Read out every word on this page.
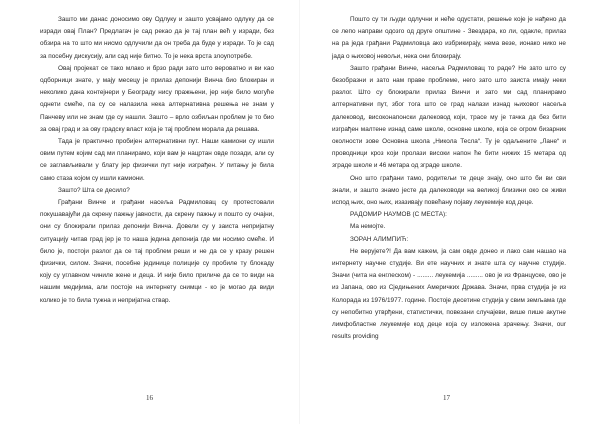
Зашто ми данас доносимо ову Одлуку и зашто усвајамо одлуку да се изради овај План? Предлагач је сад рекао да је тај план већ у изради, без обзира на то што ми нисмо одлучили да он треба да буде у изради. То је сад за посебну дискусију, али сад није битно. То је нека врста злоупотребе.

Овај пројекат се тако млако и брзо ради зато што вероватно и ви као одборници знате, у мају месецу је прилаз депонији Винча био блокиран и неколико дана контејнери у Београду нису пражњени, јер није било могуће однети смеће, па су се налазила нека алтернативна решења не знам у Панчеву или не знам где су нашли. Зашто – врло озбиљан проблем је то био за овај град и за ову градску власт која је тај проблем морала да решава.

Тада је практично пробијен алтернативни пут. Наши камиони су ишли овим путем којим сад ми планирамо, који вам је нацртан овде позади, али су се заглављивали у блату јер физички пут није изграђен. У питању је била само стаза којом су ишли камиони.

Зашто? Шта се десило?

Грађани Винче и грађани насеља Радмиловац су протестовали покушавајући да скрену пажњу јавности, да скрену пажњу и пошто су очајни, они су блокирали прилаз депонији Винча. Довели су у заиста непријатну ситуацију читав град јер је то наша једина депонија где ми носимо смеће. И било је, постоји разлог да се тај проблем реши и не да се у кразу решен физички, силом. Значи, посебне јединице полиције су пробиле ту блокаду коју су углавном чиниле жене и деца. И није било приличе да се то види на нашим медијима, али постоје на интернету снимци - ко је могао да види колико је то била тужна и непријатна ствар.

16

Пошто су ти људи одлучни и неће одустати, решење које је нађено да се лепо направи одозго од друге општине - Звездара, ко ли, одакле, прилаз на ра једа грађани Радмиловца ако избрикирају, нема везе, ионако нико не јада о њиховој невољи, нека они блокирају.

Зашто грађани Винче, насеља Радмиловац то раде? Не зато што су безобразни и зато нам праве проблеме, него зато што заиста имају неки разлог. Што су блокирали прилаз Винчи и зато ми сад планирамо алтернативни пут, због тога што се град налази изнад њиховог насеља далековод, високонапонски далековод који, трасе му је тачка да без бити изграђен малтене изнад саме школе, основне школе, која се огром бизарник околности зове Основна школа „Никола Тесла“. Ту је одаљените „Лане“ и проводници кроз који пролази високи напон ће бити нижих 15 метара од зграде школе и 46 метара од зграде школе.

Оно што грађани тамо, родитељи те деце знају, оно што би ви сви знали, и зашто знамо јесте да далеководи на великој близини око се живи испод њих, оно њих, изазивају повећану појаву леукемије код деце.

РАДОМИР НАУМОВ (С МЕСТА):

Ма немојте.

ЗОРАН АЛИМПИЋ:

Не верујете?! Да вам кажем, ја сам овде донео и лако сам нашао на интернету научне студије. Ви ете научних и знате шта су научне студије. Значи (чита на енглеском) - ......... леукемија ......... ово је из Француске, ово је из Јапана, ово из Сједињених Америчких Држава. Значи, прва студија је из Колорада из 1976/1977. године. Постоје десетине студија у свим земљама где су непобитно утврђени, статистички, повезани случајеви, више пише акутне лимфобластне леукемије код деце која су изложена зрачењу. Значи, our results providing

17
